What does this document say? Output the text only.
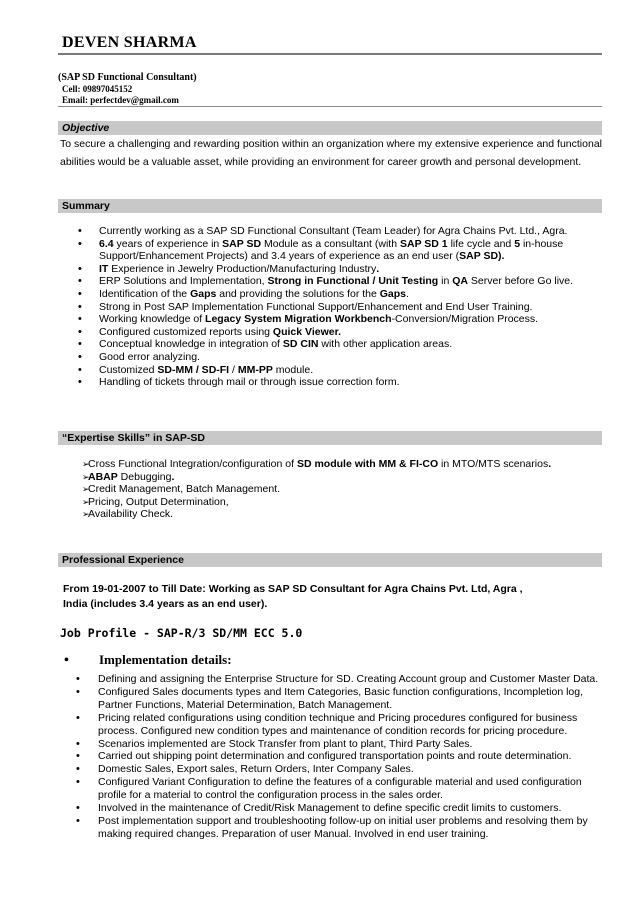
DEVEN SHARMA
(SAP SD Functional Consultant)
Cell: 09897045152
Email: perfectdev@gmail.com
Objective
To secure a challenging and rewarding position within an organization where my extensive experience and functional abilities would be a valuable asset, while providing an environment for career growth and personal development.
Summary
• Currently working as a SAP SD Functional Consultant (Team Leader) for Agra Chains Pvt. Ltd., Agra.
• 6.4 years of experience in SAP SD Module as a consultant (with SAP SD 1 life cycle and 5 in-house Support/Enhancement Projects) and 3.4 years of experience as an end user (SAP SD).
• IT Experience in Jewelry Production/Manufacturing Industry.
• ERP Solutions and Implementation, Strong in Functional / Unit Testing in QA Server before Go live.
• Identification of the Gaps and providing the solutions for the Gaps.
• Strong in Post SAP Implementation Functional Support/Enhancement and End User Training.
• Working knowledge of Legacy System Migration Workbench-Conversion/Migration Process.
• Configured customized reports using Quick Viewer.
• Conceptual knowledge in integration of SD CIN with other application areas.
• Good error analyzing.
• Customized SD-MM / SD-FI / MM-PP module.
• Handling of tickets through mail or through issue correction form.
“Expertise Skills” in SAP-SD
➢
Cross Functional Integration/configuration of SD module with MM & FI-CO in MTO/MTS scenarios.
➢
ABAP Debugging.
➢
Credit Management, Batch Management.
➢
Pricing, Output Determination,
➢
Availability Check.
Professional Experience
From 19-01-2007 to Till Date: Working as SAP SD Consultant for Agra Chains Pvt. Ltd, Agra ,
India (includes 3.4 years as an end user).
Job Profile - SAP-R/3 SD/MM ECC 5.0
• Implementation details:
• Defining and assigning the Enterprise Structure for SD. Creating Account group and Customer Master Data.
• Configured Sales documents types and Item Categories, Basic function configurations, Incompletion log, Partner Functions, Material Determination, Batch Management.
• Pricing related configurations using condition technique and Pricing procedures configured for business process. Configured new condition types and maintenance of condition records for pricing procedure.
• Scenarios implemented are Stock Transfer from plant to plant, Third Party Sales.
• Carried out shipping point determination and configured transportation points and route determination.
• Domestic Sales, Export sales, Return Orders, Inter Company Sales.
• Configured Variant Configuration to define the features of a configurable material and used configuration profile for a material to control the configuration process in the sales order.
• Involved in the maintenance of Credit/Risk Management to define specific credit limits to customers.
• Post implementation support and troubleshooting follow-up on initial user problems and resolving them by making required changes. Preparation of user Manual. Involved in end user training.
